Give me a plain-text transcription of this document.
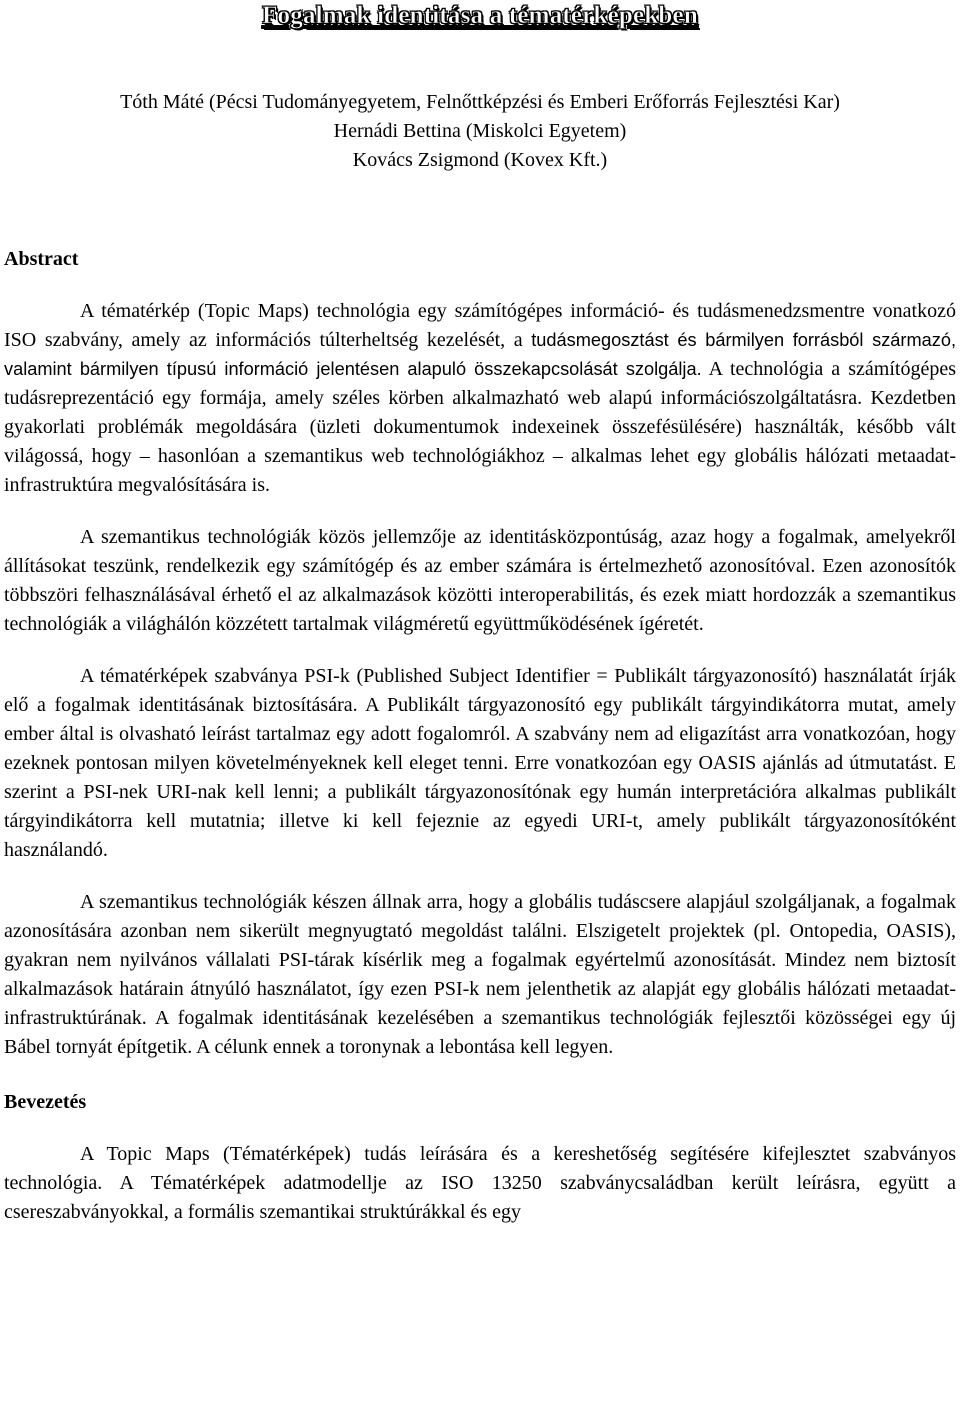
Fogalmak identitása a tématérképekben
Tóth Máté (Pécsi Tudományegyetem, Felnőttképzési és Emberi Erőforrás Fejlesztési Kar)
Hernádi Bettina (Miskolci Egyetem)
Kovács Zsigmond (Kovex Kft.)
Abstract

A tématérkép (Topic Maps) technológia egy számítógépes információ- és tudásmenedzsmentre vonatkozó ISO szabvány, amely az információs túlterheltség kezelését, a tudásmegosztást és bármilyen forrásból származó, valamint bármilyen típusú információ jelentésen alapuló összekapcsolását szolgálja. A technológia a számítógépes tudásreprezentáció egy formája, amely széles körben alkalmazható web alapú információszolgáltatásra. Kezdetben gyakorlati problémák megoldására (üzleti dokumentumok indexeinek összefésülésére) használták, később vált világossá, hogy – hasonlóan a szemantikus web technológiákhoz – alkalmas lehet egy globális hálózati metaadat-infrastruktúra megvalósítására is.

A szemantikus technológiák közös jellemzője az identitásközpontúság, azaz hogy a fogalmak, amelyekről állításokat teszünk, rendelkezik egy számítógép és az ember számára is értelmezhető azonosítóval. Ezen azonosítók többszöri felhasználásával érhető el az alkalmazások közötti interoperabilitás, és ezek miatt hordozzák a szemantikus technológiák a világhálón közzétett tartalmak világméretű együttműködésének ígéretét.

A tématérképek szabványa PSI-k (Published Subject Identifier = Publikált tárgyazonosító) használatát írják elő a fogalmak identitásának biztosítására. A Publikált tárgyazonosító egy publikált tárgyindikátorra mutat, amely ember által is olvasható leírást tartalmaz egy adott fogalomról. A szabvány nem ad eligazítást arra vonatkozóan, hogy ezeknek pontosan milyen követelményeknek kell eleget tenni. Erre vonatkozóan egy OASIS ajánlás ad útmutatást. E szerint a PSI-nek URI-nak kell lenni; a publikált tárgyazonosítónak egy humán interpretációra alkalmas publikált tárgyindikátorra kell mutatnia; illetve ki kell fejeznie az egyedi URI-t, amely publikált tárgyazonosítóként használandó.

A szemantikus technológiák készen állnak arra, hogy a globális tudáscsere alapjául szolgáljanak, a fogalmak azonosítására azonban nem sikerült megnyugtató megoldást találni. Elszigetelt projektek (pl. Ontopedia, OASIS), gyakran nem nyilvános vállalati PSI-tárak kísérlik meg a fogalmak egyértelmű azonosítását. Mindez nem biztosít alkalmazások határain átnyúló használatot, így ezen PSI-k nem jelenthetik az alapját egy globális hálózati metaadat-infrastruktúrának. A fogalmak identitásának kezelésében a szemantikus technológiák fejlesztői közösségei egy új Bábel tornyát építgetik. A célunk ennek a toronynak a lebontása kell legyen.

Bevezetés

A Topic Maps (Tématérképek) tudás leírására és a kereshetőség segítésére kifejlesztet szabványos technológia. A Tématérképek adatmodellje az ISO 13250 szabványcsaládban került leírásra, együtt a csereszabványokkal, a formális szemantikai struktúrákkal és egy
